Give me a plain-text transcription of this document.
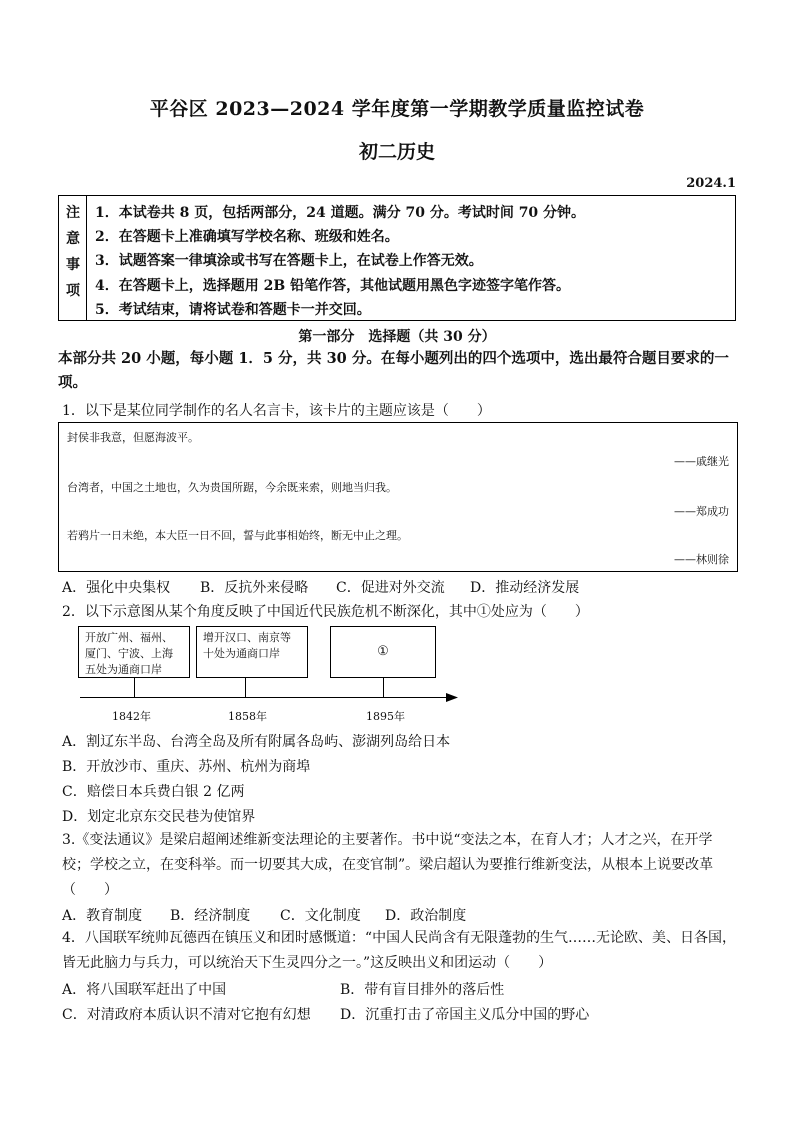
平谷区 2023—2024 学年度第一学期教学质量监控试卷
初二历史
2024.1
注
意
事
项
1．本试卷共 8 页，包括两部分，24 道题。满分 70 分。考试时间 70 分钟。
2．在答题卡上准确填写学校名称、班级和姓名。
3．试题答案一律填涂或书写在答题卡上，在试卷上作答无效。
4．在答题卡上，选择题用 2B 铅笔作答，其他试题用黑色字迹签字笔作答。
5．考试结束，请将试卷和答题卡一并交回。
第一部分　选择题（共 30 分）
本部分共 20 小题，每小题 1．5 分，共 30 分。在每小题列出的四个选项中，选出最符合题目要求的一项。
1．以下是某位同学制作的名人名言卡，该卡片的主题应该是（　　）
封侯非我意，但愿海波平。
——戚继光
台湾者，中国之土地也，久为贵国所踞，今余既来索，则地当归我。
——郑成功
若鸦片一日未绝，本大臣一日不回，誓与此事相始终，断无中止之理。
——林则徐
A．强化中央集权 B．反抗外来侵略 C．促进对外交流 D．推动经济发展
2．以下示意图从某个角度反映了中国近代民族危机不断深化，其中①处应为（　　）
开放广州、福州、厦门、宁波、上海五处为通商口岸
增开汉口、南京等十处为通商口岸	①
1842年	1858年	1895年
A．割辽东半岛、台湾全岛及所有附属各岛屿、澎湖列岛给日本
B．开放沙市、重庆、苏州、杭州为商埠
C．赔偿日本兵费白银 2 亿两
D．划定北京东交民巷为使馆界
3.《变法通议》是梁启超阐述维新变法理论的主要著作。书中说“变法之本，在育人才；人才之兴，在开学校；学校之立，在变科举。而一切要其大成，在变官制”。梁启超认为要推行维新变法，从根本上说要改革（　　）
A．教育制度 B．经济制度 C．文化制度 D．政治制度
4．八国联军统帅瓦德西在镇压义和团时感慨道：“中国人民尚含有无限蓬勃的生气……无论欧、美、日各国，皆无此脑力与兵力，可以统治天下生灵四分之一。”这反映出义和团运动（　　）
A．将八国联军赶出了中国	B．带有盲目排外的落后性
C．对清政府本质认识不清对它抱有幻想 D．沉重打击了帝国主义瓜分中国的野心
